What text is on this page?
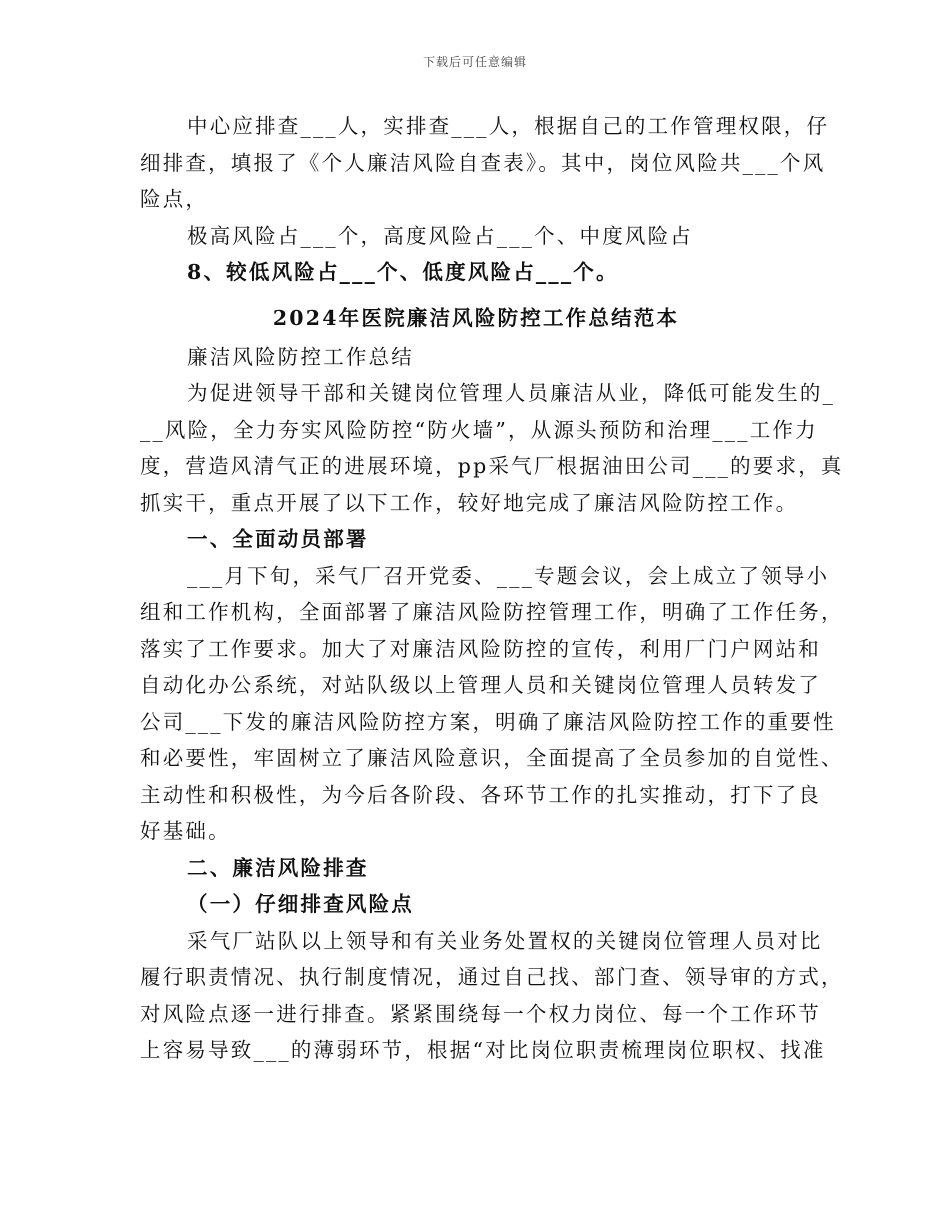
下载后可任意编辑
中心应排查___人，实排查___人，根据自己的工作管理权限，仔
细排查，填报了《个人廉洁风险自查表》。其中，岗位风险共___个风
险点，
极高风险占___个，高度风险占___个、中度风险占
8、较低风险占___个、低度风险占___个。
2024年医院廉洁风险防控工作总结范本
廉洁风险防控工作总结
为促进领导干部和关键岗位管理人员廉洁从业，降低可能发生的_
__风险，全力夯实风险防控“防火墙”，从源头预防和治理___工作力
度，营造风清气正的进展环境，pp采气厂根据油田公司___的要求，真
抓实干，重点开展了以下工作，较好地完成了廉洁风险防控工作。
一、全面动员部署
___月下旬，采气厂召开党委、___专题会议，会上成立了领导小
组和工作机构，全面部署了廉洁风险防控管理工作，明确了工作任务，
落实了工作要求。加大了对廉洁风险防控的宣传，利用厂门户网站和
自动化办公系统，对站队级以上管理人员和关键岗位管理人员转发了
公司___下发的廉洁风险防控方案，明确了廉洁风险防控工作的重要性
和必要性，牢固树立了廉洁风险意识，全面提高了全员参加的自觉性、
主动性和积极性，为今后各阶段、各环节工作的扎实推动，打下了良
好基础。
二、廉洁风险排查
（一）仔细排查风险点
采气厂站队以上领导和有关业务处置权的关键岗位管理人员对比
履行职责情况、执行制度情况，通过自己找、部门查、领导审的方式，
对风险点逐一进行排查。紧紧围绕每一个权力岗位、每一个工作环节
上容易导致___的薄弱环节，根据“对比岗位职责梳理岗位职权、找准
